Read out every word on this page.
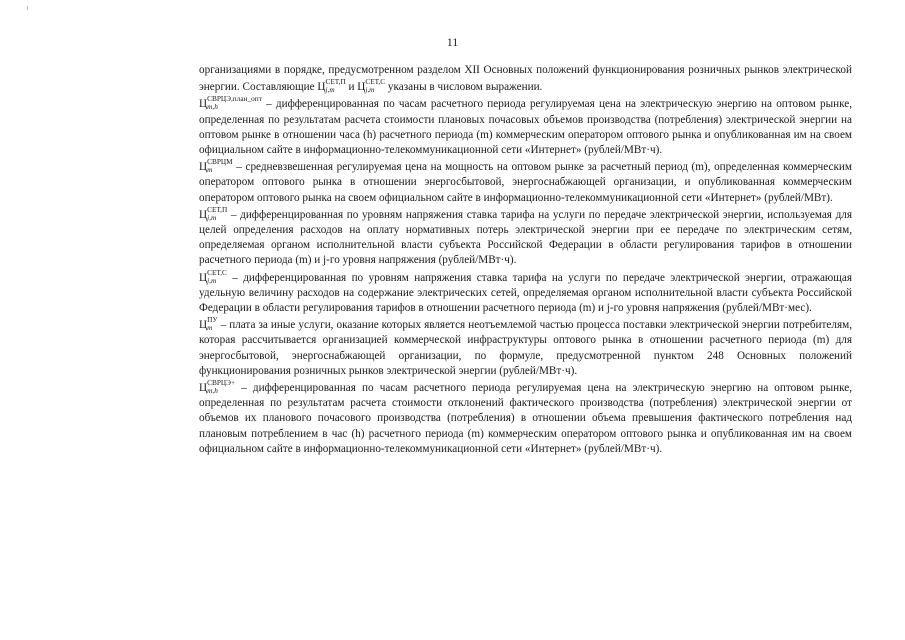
11

организациями в порядке, предусмотренном разделом XII Основных положений функционирования розничных рынков электрической энергии. Составляющие Ц СЕТ,П
j,m и Ц СЕТ,С
j,m указаны в числовом выражении.

Ц СВРЦЭ,план_опт
m,h	– дифференцированная по часам расчетного периода регулируемая цена на электрическую энергию на оптовом рынке, определенная по результатам расчета стоимости плановых почасовых объемов производства (потребления) электрической энергии на оптовом рынке в отношении часа (h) расчетного периода (m) коммерческим оператором оптового рынка и опубликованная им на своем официальном сайте в информационно-телекоммуникационной сети «Интернет» (рублей/МВт·ч).

Ц СВРЦМ
m	– средневзвешенная регулируемая цена на мощность на оптовом рынке за расчетный период (m), определенная коммерческим оператором оптового рынка в отношении энергосбытовой, энергоснабжающей организации, и опубликованная коммерческим оператором оптового рынка на своем официальном сайте в информационно-телекоммуникационной сети «Интернет» (рублей/МВт).

Ц СЕТ,П
j,m – дифференцированная по уровням напряжения ставка тарифа на услуги по передаче электрической энергии, используемая для целей определения расходов на оплату нормативных потерь электрической энергии при ее передаче по электрическим сетям, определяемая органом исполнительной власти субъекта Российской Федерации в области регулирования тарифов в отношении расчетного периода (m) и j-го уровня напряжения (рублей/МВт·ч).

Ц СЕТ,С
j,m – дифференцированная по уровням напряжения ставка тарифа на услуги по передаче электрической энергии, отражающая удельную величину расходов на содержание электрических сетей, определяемая органом исполнительной власти субъекта Российской Федерации в области регулирования тарифов в отношении расчетного периода (m) и j-го уровня напряжения (рублей/МВт·мес).

Ц ПУ
m – плата за иные услуги, оказание которых является неотъемлемой частью процесса поставки электрической энергии потребителям, которая рассчитывается организацией коммерческой инфраструктуры оптового рынка в отношении расчетного периода (m) для энергосбытовой, энергоснабжающей организации, по формуле, предусмотренной пунктом 248 Основных положений функционирования розничных рынков электрической энергии (рублей/МВт·ч).

Ц СВРЦЭ+
m,h	– дифференцированная по часам расчетного периода регулируемая цена на электрическую энергию на оптовом рынке, определенная по результатам расчета стоимости отклонений фактического производства (потребления) электрической энергии от объемов их планового почасового производства (потребления) в отношении объема превышения фактического потребления над плановым потреблением в час (h) расчетного периода (m) коммерческим оператором оптового рынка и опубликованная им на своем официальном сайте в информационно-телекоммуникационной сети «Интернет» (рублей/МВт·ч).
